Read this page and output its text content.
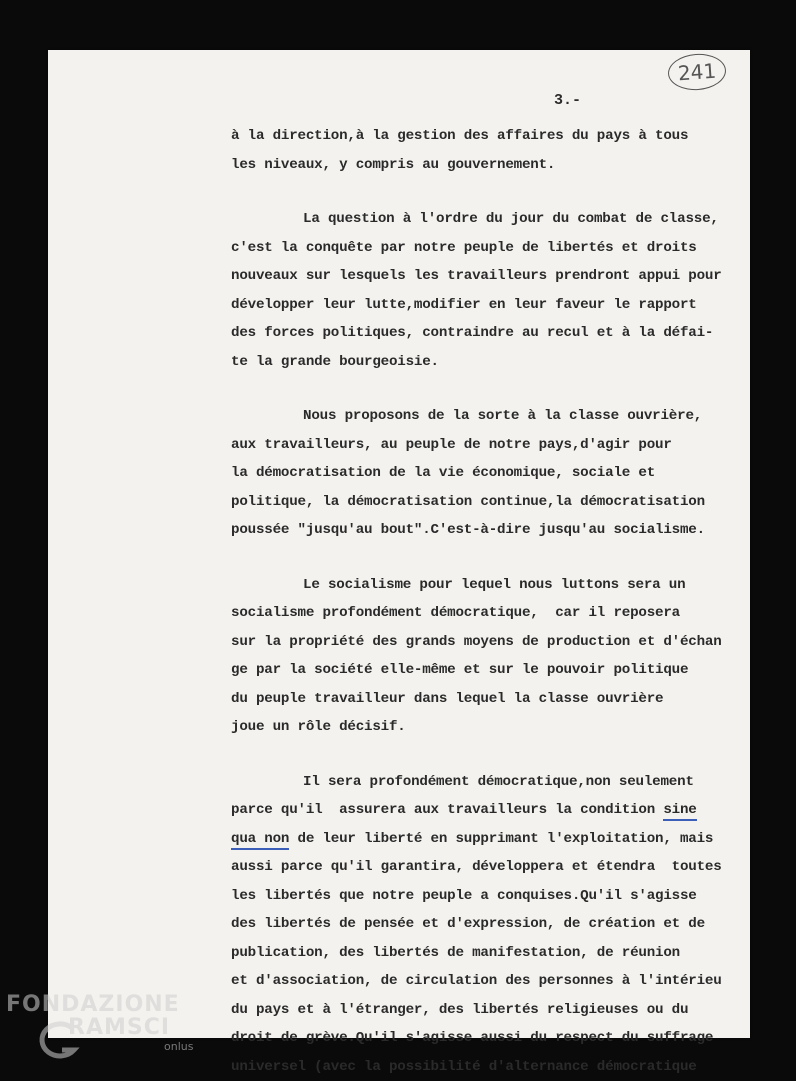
241
3.-
à la direction,à la gestion des affaires du pays à tous
les niveaux, y compris au gouvernement.
La question à l'ordre du jour du combat de classe,
c'est la conquête par notre peuple de libertés et droits
nouveaux sur lesquels les travailleurs prendront appui pour
développer leur lutte,modifier en leur faveur le rapport
des forces politiques, contraindre au recul et à la défai-
te la grande bourgeoisie.
Nous proposons de la sorte à la classe ouvrière,
aux travailleurs, au peuple de notre pays,d'agir pour
la démocratisation de la vie économique, sociale et
politique, la démocratisation continue,la démocratisation
poussée "jusqu'au bout".C'est-à-dire jusqu'au socialisme.
Le socialisme pour lequel nous luttons sera un
socialisme profondément démocratique,  car il reposera
sur la propriété des grands moyens de production et d'échan
ge par la société elle-même et sur le pouvoir politique
du peuple travailleur dans lequel la classe ouvrière
joue un rôle décisif.
Il sera profondément démocratique,non seulement
parce qu'il  assurera aux travailleurs la condition sine
qua non de leur liberté en supprimant l'exploitation, mais
aussi parce qu'il garantira, développera et étendra  toutes
les libertés que notre peuple a conquises.Qu'il s'agisse
des libertés de pensée et d'expression, de création et de
publication, des libertés de manifestation, de réunion
et d'association, de circulation des personnes à l'intérieu
du pays et à l'étranger, des libertés religieuses ou du
droit de grève.Qu'il s'agisse aussi du respect du suffrage
universel (avec la possibilité d'alternance démocratique
FONDAZIONE
RAMSCI
onlus
